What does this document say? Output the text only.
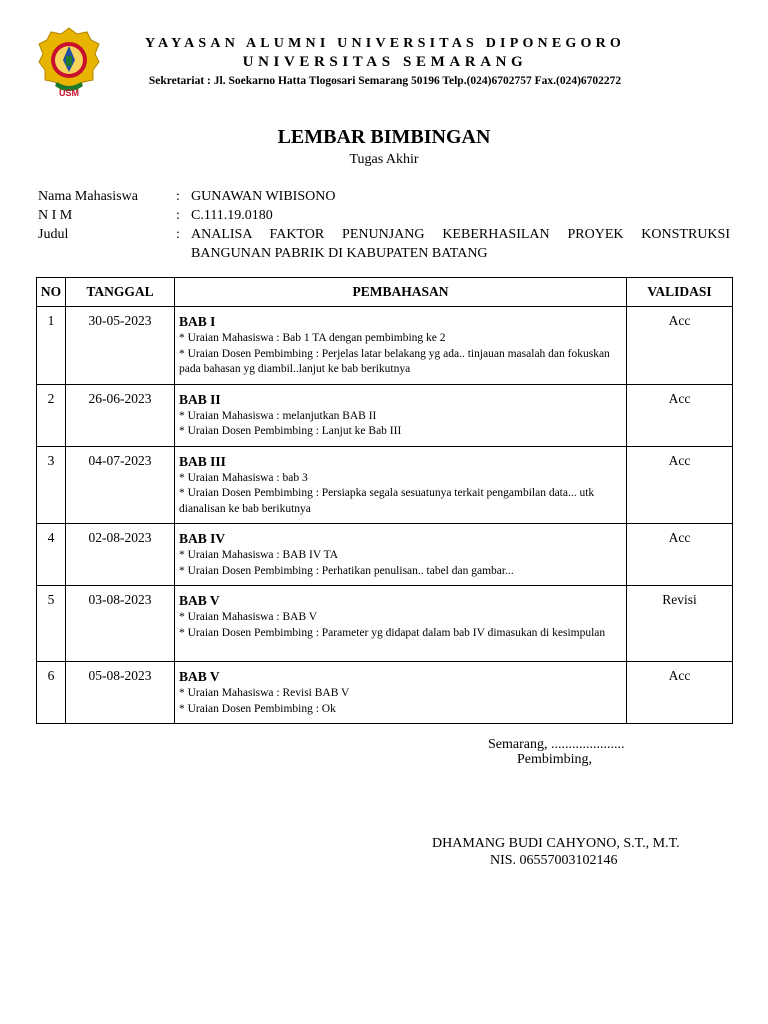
USM
YAYASAN ALUMNI UNIVERSITAS DIPONEGORO
UNIVERSITAS SEMARANG
Sekretariat : Jl. Soekarno Hatta Tlogosari Semarang 50196 Telp.(024)6702757 Fax.(024)6702272
LEMBAR BIMBINGAN
Tugas Akhir
Nama Mahasiswa	: GUNAWAN WIBISONO
N I M	: C.111.19.0180
Judul	: ANALISA FAKTOR PENUNJANG KEBERHASILAN PROYEK KONSTRUKSI BANGUNAN PABRIK DI KABUPATEN BATANG
NO	TANGGAL	PEMBAHASAN	VALIDASI
1	30-05-2023	BAB I
* Uraian Mahasiswa : Bab 1 TA dengan pembimbing ke 2
* Uraian Dosen Pembimbing : Perjelas latar belakang yg ada.. tinjauan masalah dan fokuskan pada bahasan yg diambil..lanjut ke bab berikutnya	Acc
2	26-06-2023	BAB II
* Uraian Mahasiswa : melanjutkan BAB II
* Uraian Dosen Pembimbing : Lanjut ke Bab III	Acc
3	04-07-2023	BAB III
* Uraian Mahasiswa : bab 3
* Uraian Dosen Pembimbing : Persiapka segala sesuatunya terkait pengambilan data... utk dianalisan ke bab berikutnya	Acc
4	02-08-2023	BAB IV
* Uraian Mahasiswa : BAB IV TA
* Uraian Dosen Pembimbing : Perhatikan penulisan.. tabel dan gambar...	Acc
5	03-08-2023	BAB V
* Uraian Mahasiswa : BAB V
* Uraian Dosen Pembimbing : Parameter yg didapat dalam bab IV dimasukan di kesimpulan	Revisi
6	05-08-2023	BAB V
* Uraian Mahasiswa : Revisi BAB V
* Uraian Dosen Pembimbing : Ok	Acc
Semarang, .....................
Pembimbing,
DHAMANG BUDI CAHYONO, S.T., M.T.
NIS. 06557003102146
